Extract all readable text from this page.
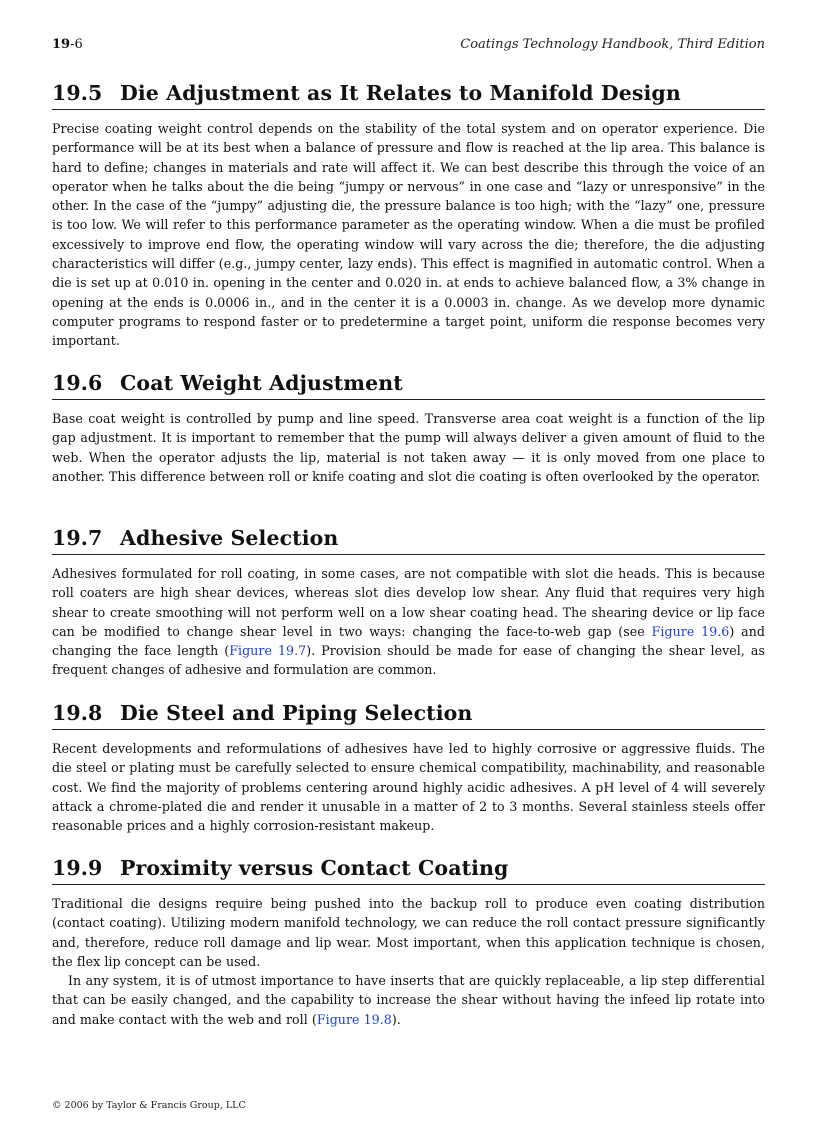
19-6	Coatings Technology Handbook, Third Edition
19.5 Die Adjustment as It Relates to Manifold Design

Precise coating weight control depends on the stability of the total system and on operator experience. Die performance will be at its best when a balance of pressure and flow is reached at the lip area. This balance is hard to define; changes in materials and rate will affect it. We can best describe this through the voice of an operator when he talks about the die being “jumpy or nervous” in one case and “lazy or unresponsive” in the other. In the case of the “jumpy” adjusting die, the pressure balance is too high; with the “lazy” one, pressure is too low. We will refer to this performance parameter as the operating window. When a die must be profiled excessively to improve end flow, the operating window will vary across the die; therefore, the die adjusting characteristics will differ (e.g., jumpy center, lazy ends). This effect is magnified in automatic control. When a die is set up at 0.010 in. opening in the center and 0.020 in. at ends to achieve balanced flow, a 3% change in opening at the ends is 0.0006 in., and in the center it is a 0.0003 in. change. As we develop more dynamic computer programs to respond faster or to predetermine a target point, uniform die response becomes very important.

19.6 Coat Weight Adjustment

Base coat weight is controlled by pump and line speed. Transverse area coat weight is a function of the lip gap adjustment. It is important to remember that the pump will always deliver a given amount of fluid to the web. When the operator adjusts the lip, material is not taken away — it is only moved from one place to another. This difference between roll or knife coating and slot die coating is often overlooked by the operator.

19.7 Adhesive Selection

Adhesives formulated for roll coating, in some cases, are not compatible with slot die heads. This is because roll coaters are high shear devices, whereas slot dies develop low shear. Any fluid that requires very high shear to create smoothing will not perform well on a low shear coating head. The shearing device or lip face can be modified to change shear level in two ways: changing the face-to-web gap (see Figure 19.6) and changing the face length (Figure 19.7). Provision should be made for ease of changing the shear level, as frequent changes of adhesive and formulation are common.

19.8 Die Steel and Piping Selection

Recent developments and reformulations of adhesives have led to highly corrosive or aggressive fluids. The die steel or plating must be carefully selected to ensure chemical compatibility, machinability, and reasonable cost. We find the majority of problems centering around highly acidic adhesives. A pH level of 4 will severely attack a chrome-plated die and render it unusable in a matter of 2 to 3 months. Several stainless steels offer reasonable prices and a highly corrosion-resistant makeup.

19.9 Proximity versus Contact Coating

Traditional die designs require being pushed into the backup roll to produce even coating distribution (contact coating). Utilizing modern manifold technology, we can reduce the roll contact pressure significantly and, therefore, reduce roll damage and lip wear. Most important, when this application technique is chosen, the flex lip concept can be used.

In any system, it is of utmost importance to have inserts that are quickly replaceable, a lip step differential that can be easily changed, and the capability to increase the shear without having the infeed lip rotate into and make contact with the web and roll (Figure 19.8).

© 2006 by Taylor & Francis Group, LLC
